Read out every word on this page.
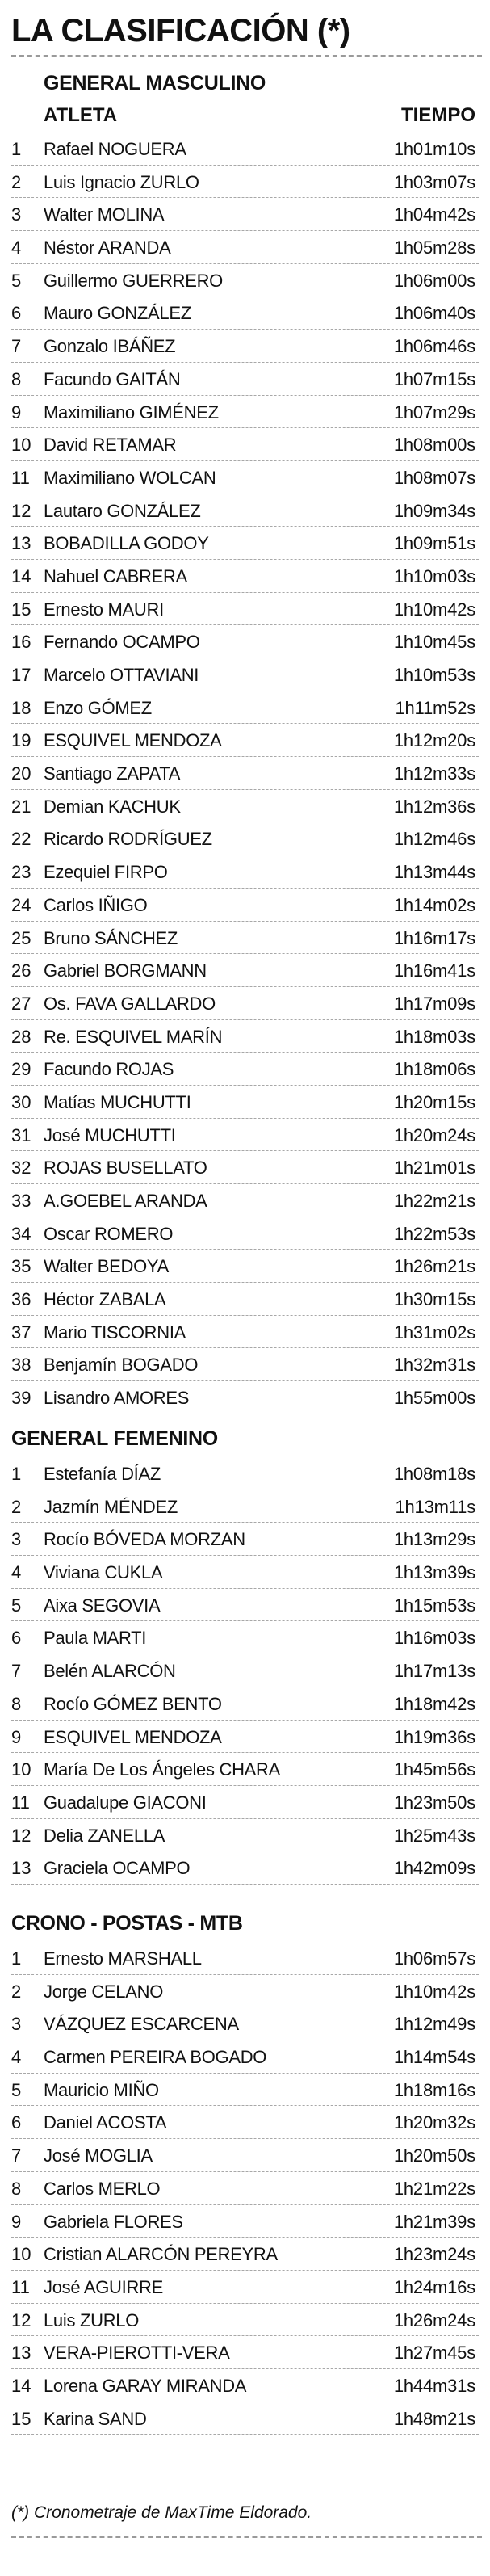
LA CLASIFICACIÓN (*)
GENERAL MASCULINO
ATLETA	TIEMPO
1 Rafael NOGUERA	1h01m10s
2 Luis Ignacio ZURLO	1h03m07s
3 Walter MOLINA	1h04m42s
4 Néstor ARANDA	1h05m28s
5 Guillermo GUERRERO	1h06m00s
6 Mauro GONZÁLEZ	1h06m40s
7 Gonzalo IBÁÑEZ	1h06m46s
8 Facundo GAITÁN	1h07m15s
9 Maximiliano GIMÉNEZ	1h07m29s
10 David RETAMAR	1h08m00s
11 Maximiliano WOLCAN	1h08m07s
12 Lautaro GONZÁLEZ	1h09m34s
13 BOBADILLA GODOY	1h09m51s
14 Nahuel CABRERA	1h10m03s
15 Ernesto MAURI	1h10m42s
16 Fernando OCAMPO	1h10m45s
17 Marcelo OTTAVIANI	1h10m53s
18 Enzo GÓMEZ	1h11m52s
19 ESQUIVEL MENDOZA	1h12m20s
20 Santiago ZAPATA	1h12m33s
21 Demian KACHUK	1h12m36s
22 Ricardo RODRÍGUEZ	1h12m46s
23 Ezequiel FIRPO	1h13m44s
24 Carlos IÑIGO	1h14m02s
25 Bruno SÁNCHEZ	1h16m17s
26 Gabriel BORGMANN	1h16m41s
27 Os. FAVA GALLARDO	1h17m09s
28 Re. ESQUIVEL MARÍN	1h18m03s
29 Facundo ROJAS	1h18m06s
30 Matías MUCHUTTI	1h20m15s
31 José MUCHUTTI	1h20m24s
32 ROJAS BUSELLATO	1h21m01s
33 A.GOEBEL ARANDA	1h22m21s
34 Oscar ROMERO	1h22m53s
35 Walter BEDOYA	1h26m21s
36 Héctor ZABALA	1h30m15s
37 Mario TISCORNIA	1h31m02s
38 Benjamín BOGADO	1h32m31s
39 Lisandro AMORES	1h55m00s
GENERAL FEMENINO
1 Estefanía DÍAZ	1h08m18s
2 Jazmín MÉNDEZ	1h13m11s
3 Rocío BÓVEDA MORZAN	1h13m29s
4 Viviana CUKLA	1h13m39s
5 Aixa SEGOVIA	1h15m53s
6 Paula MARTI	1h16m03s
7 Belén ALARCÓN	1h17m13s
8 Rocío GÓMEZ BENTO	1h18m42s
9 ESQUIVEL MENDOZA	1h19m36s
10 María De Los Ángeles CHARA	1h45m56s
11 Guadalupe GIACONI	1h23m50s
12 Delia ZANELLA	1h25m43s
13 Graciela OCAMPO	1h42m09s
CRONO - POSTAS - MTB
1 Ernesto MARSHALL	1h06m57s
2 Jorge CELANO	1h10m42s
3 VÁZQUEZ ESCARCENA	1h12m49s
4 Carmen PEREIRA BOGADO	1h14m54s
5 Mauricio MIÑO	1h18m16s
6 Daniel ACOSTA	1h20m32s
7 José MOGLIA	1h20m50s
8 Carlos MERLO	1h21m22s
9 Gabriela FLORES	1h21m39s
10 Cristian ALARCÓN PEREYRA	1h23m24s
11 José AGUIRRE	1h24m16s
12 Luis ZURLO	1h26m24s
13 VERA-PIEROTTI-VERA	1h27m45s
14 Lorena GARAY MIRANDA	1h44m31s
15 Karina SAND	1h48m21s
(*) Cronometraje de MaxTime Eldorado.
